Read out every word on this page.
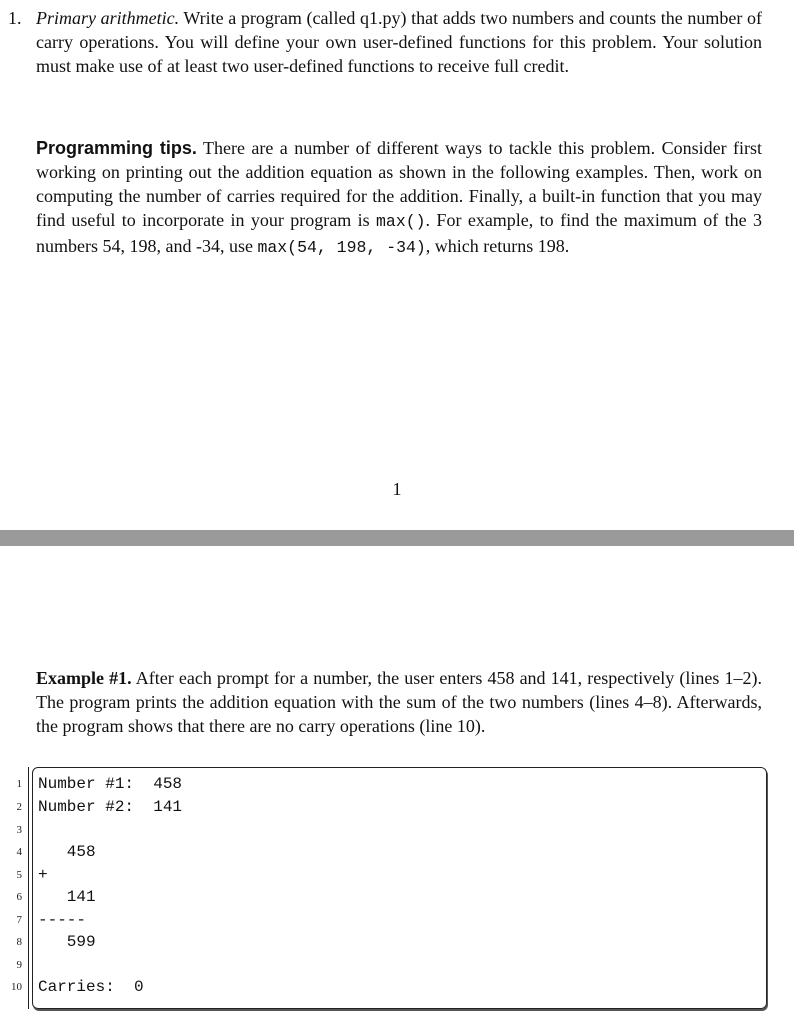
1. Primary arithmetic. Write a program (called q1.py) that adds two numbers and counts the number of carry operations. You will define your own user-defined functions for this problem. Your solution must make use of at least two user-defined functions to receive full credit.

Programming tips. There are a number of different ways to tackle this problem. Consider first working on printing out the addition equation as shown in the following examples. Then, work on computing the number of carries required for the addition. Finally, a built-in function that you may find useful to incorporate in your program is max(). For example, to find the maximum of the 3 numbers 54, 198, and -34, use max(54, 198, -34), which returns 198.

1

Example #1. After each prompt for a number, the user enters 458 and 141, respectively (lines 1–2). The program prints the addition equation with the sum of the two numbers (lines 4–8). Afterwards, the program shows that there are no carry operations (line 10).

1 Number #1:  458
2 Number #2:  141
3
4 458
5 +
6 141
7 -----
8 599
9
10 Carries:  0
